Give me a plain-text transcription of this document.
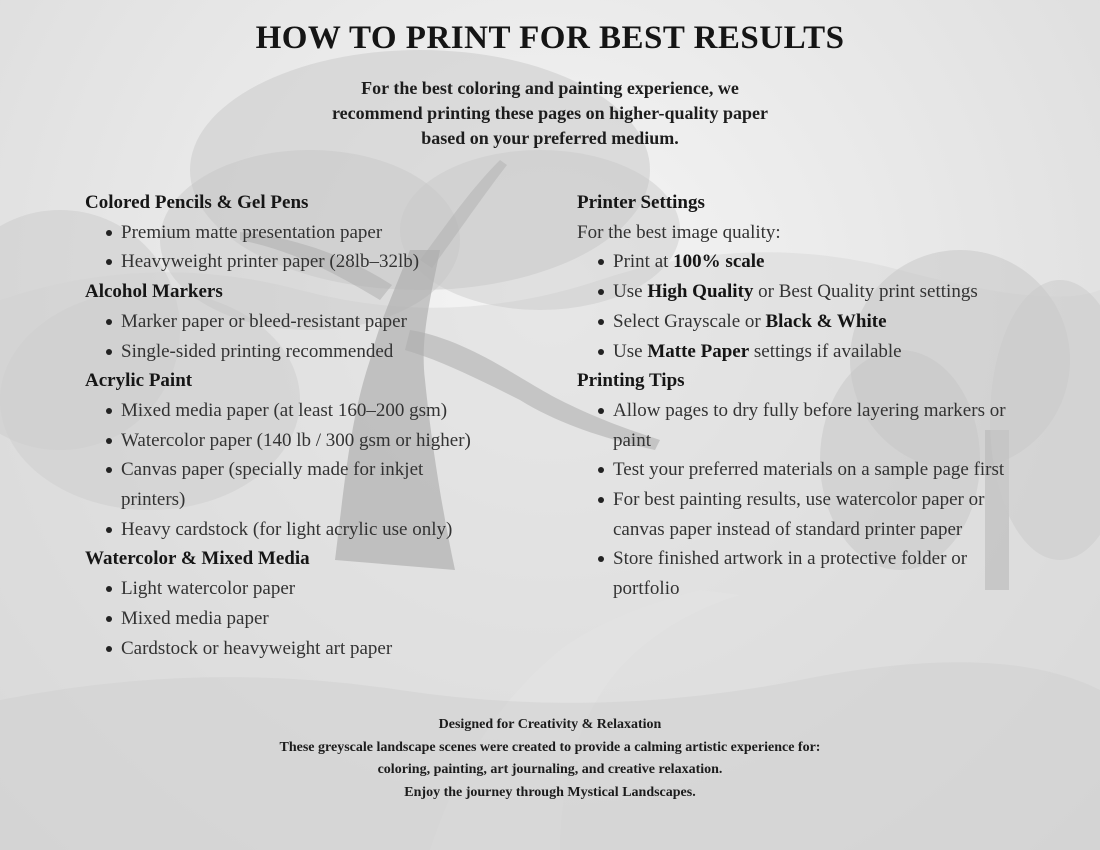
HOW TO PRINT FOR BEST RESULTS

For the best coloring and painting experience, we recommend printing these pages on higher-quality paper based on your preferred medium.

Colored Pencils & Gel Pens

Premium matte presentation paper
Heavyweight printer paper (28lb–32lb)

Alcohol Markers

Marker paper or bleed-resistant paper
Single-sided printing recommended

Acrylic Paint

Mixed media paper (at least 160–200 gsm)
Watercolor paper (140 lb / 300 gsm or higher)
Canvas paper (specially made for inkjet printers)
Heavy cardstock (for light acrylic use only)

Watercolor & Mixed Media

Light watercolor paper
Mixed media paper
Cardstock or heavyweight art paper

Printer Settings

For the best image quality:

Print at 100% scale
Use High Quality or Best Quality print settings
Select Grayscale or Black & White
Use Matte Paper settings if available

Printing Tips

Allow pages to dry fully before layering markers or paint
Test your preferred materials on a sample page first
For best painting results, use watercolor paper or canvas paper instead of standard printer paper
Store finished artwork in a protective folder or portfolio

Designed for Creativity & Relaxation

These greyscale landscape scenes were created to provide a calming artistic experience for:

coloring, painting, art journaling, and creative relaxation.

Enjoy the journey through Mystical Landscapes.
